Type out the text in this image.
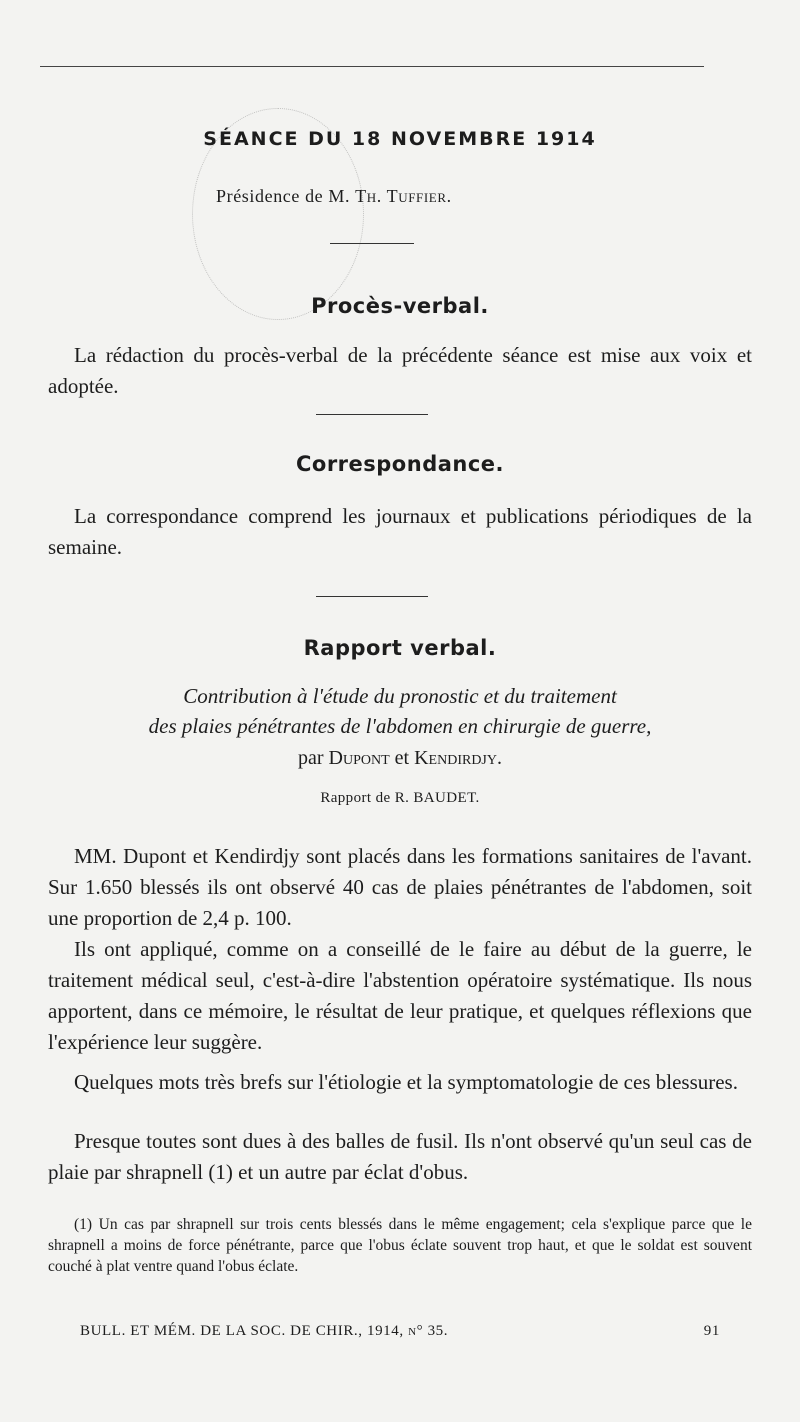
SÉANCE DU 18 NOVEMBRE 1914
Présidence de M. Th. Tuffier.
Procès-verbal.

La rédaction du procès-verbal de la précédente séance est mise aux voix et adoptée.

Correspondance.

La correspondance comprend les journaux et publications périodiques de la semaine.

Rapport verbal.

Contribution à l'étude du pronostic et du traitement

des plaies pénétrantes de l'abdomen en chirurgie de guerre,

par Dupont et Kendirdjy.

Rapport de R. BAUDET.

MM. Dupont et Kendirdjy sont placés dans les formations sanitaires de l'avant. Sur 1.650 blessés ils ont observé 40 cas de plaies pénétrantes de l'abdomen, soit une proportion de 2,4 p. 100.

Ils ont appliqué, comme on a conseillé de le faire au début de la guerre, le traitement médical seul, c'est-à-dire l'abstention opératoire systématique. Ils nous apportent, dans ce mémoire, le résultat de leur pratique, et quelques réflexions que l'expérience leur suggère.

Quelques mots très brefs sur l'étiologie et la symptomatologie de ces blessures.

Presque toutes sont dues à des balles de fusil. Ils n'ont observé qu'un seul cas de plaie par shrapnell (1) et un autre par éclat d'obus.

(1) Un cas par shrapnell sur trois cents blessés dans le même engagement; cela s'explique parce que le shrapnell a moins de force pénétrante, parce que l'obus éclate souvent trop haut, et que le soldat est souvent couché à plat ventre quand l'obus éclate.

BULL. ET MÉM. DE LA SOC. DE CHIR., 1914, n° 35.	91
